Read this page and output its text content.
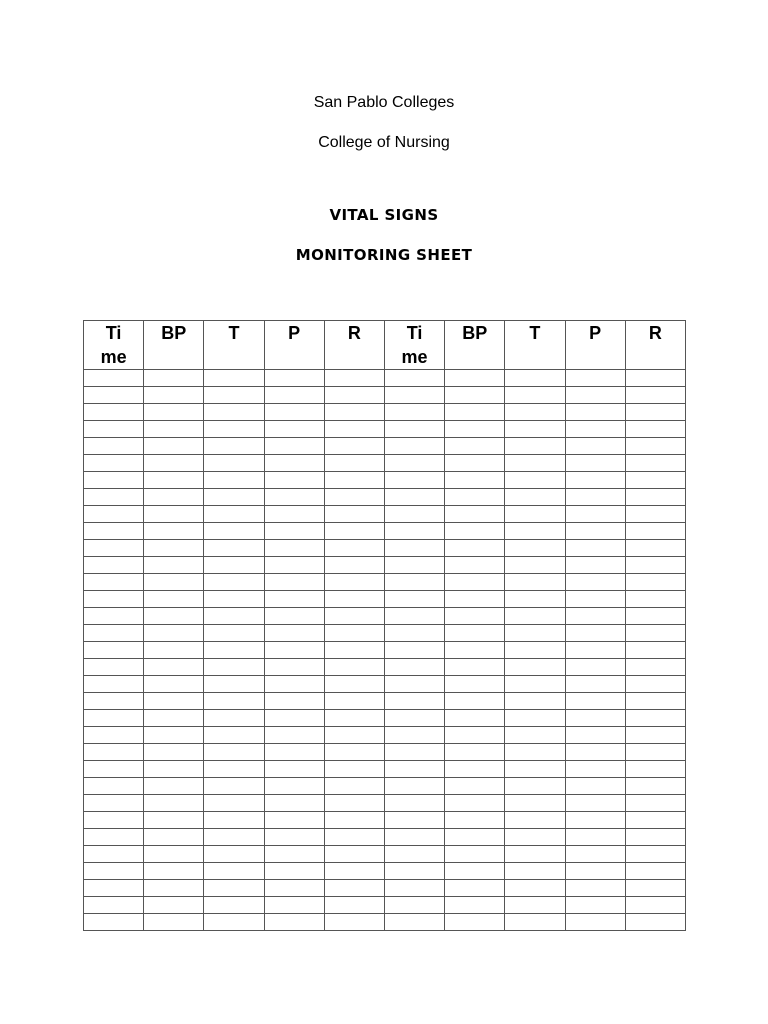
San Pablo Colleges
College of Nursing
VITAL SIGNS
MONITORING SHEET
Time	BP	T	P	R	Time	BP	T	P	R
